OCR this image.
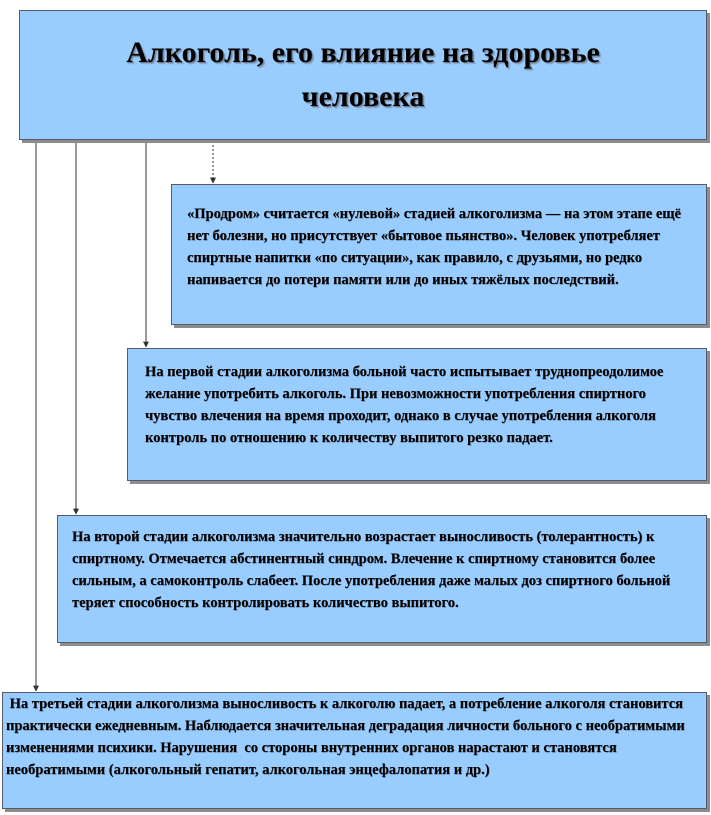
Алкоголь, его влияние на здоровье человека
«Продром» считается «нулевой» стадией алкоголизма — на этом этапе ещё нет болезни, но присутствует «бытовое пьянство». Человек употребляет спиртные напитки «по ситуации», как правило, с друзьями, но редко напивается до потери памяти или до иных тяжёлых последствий.
На первой стадии алкоголизма больной часто испытывает труднопреодолимое желание употребить алкоголь. При невозможности употребления спиртного чувство влечения на время проходит, однако в случае употребления алкоголя контроль по отношению к количеству выпитого резко падает.
На второй стадии алкоголизма значительно возрастает выносливость (толерантность) к спиртному. Отмечается абстинентный синдром. Влечение к спиртному становится более сильным, а самоконтроль слабеет. После употребления даже малых доз спиртного больной теряет способность контролировать количество выпитого.
На третьей стадии алкоголизма выносливость к алкоголю падает, а потребление алкоголя становится практически ежедневным. Наблюдается значительная деградация личности больного с необратимыми изменениями психики. Нарушения  со стороны внутренних органов нарастают и становятся необратимыми (алкогольный гепатит, алкогольная энцефалопатия и др.)
